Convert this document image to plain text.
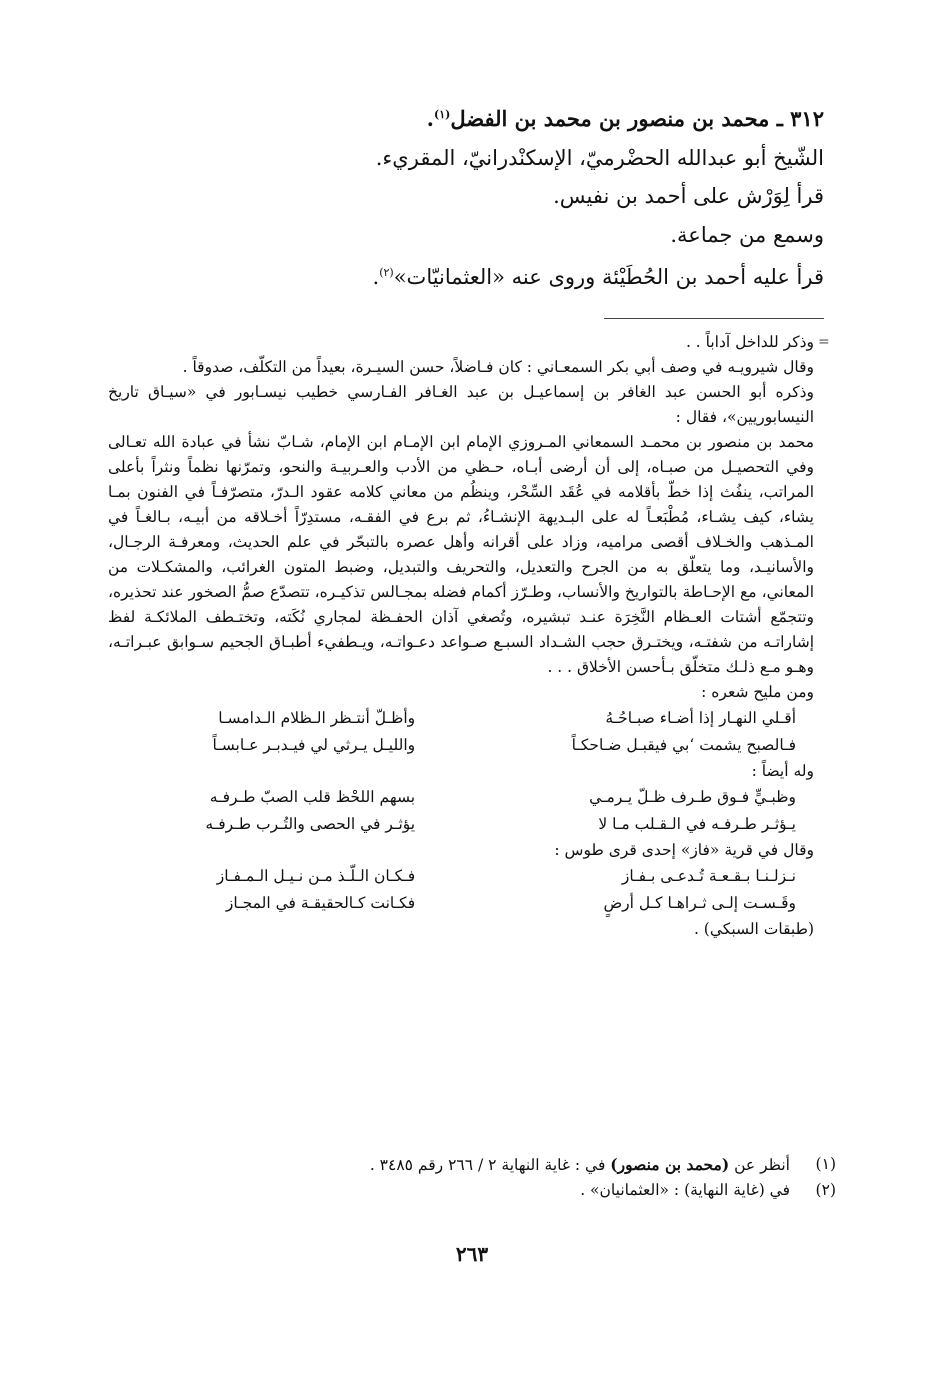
٣١٢ ـ محمد بن منصور بن محمد بن الفضل$^{(١)}$.
الشّيخ أبو عبدالله الحضْرميّ، الإسكنْدرانيّ، المقريء.
قرأ لِوَرْش على أحمد بن نفيس.
وسمع من جماعة.
قرأ عليه أحمد بن الحُطَيْئة وروى عنه «العثمانيّات»$^{(٢)}$.
=

وذكر للداخل آداباً . .

وقال شيرويـه في وصف أبي بكر السمعـاني : كان فـاضلاً، حسن السيـرة، بعيداً من التكلّف، صدوقاً .

وذكره أبو الحسن عبد الغافر بن إسماعيـل بن عبد الغـافر الفـارسي خطيب نيسـابور في «سيـاق تاريخ النيسابوريين»، فقال :

محمد بن منصور بن محمـد السمعاني المـروزي الإمام ابن الإمـام ابن الإمام، شـابّ نشأ في عبادة الله تعـالى وفي التحصيـل من صبـاه، إلى أن أرضى أبـاه، حـظي من الأدب والعـربيـة والنحو، وتمرّنها نظماً ونثراً بأعلى المراتب، ينفُث إذا خطّ بأقلامه في عُقَد السِّحْر، وينظُم من معاني كلامه عقود الـدرّ، متصرّفـاً في الفنون بمـا يشاء، كيف يشـاء، مُطْبَعـاً له على البـديهة الإنشـاءُ، ثم برع في الفقـه، مستدِرّاً أخـلاقه من أبيـه، بـالغـاً في المـذهب والخـلاف أقصى مراميه، وزاد على أقرانه وأهل عصره بالتبحّر في علم الحديث، ومعرفـة الرجـال، والأسانيـد، وما يتعلّق به من الجرح والتعديل، والتحريف والتبديل، وضبط المتون الغرائب، والمشكـلات من المعاني، مع الإحـاطة بالتواريخ والأنساب، وطـرّز أكمام فضله بمجـالس تذكيـره، تتصدّع صمُّ الصخور عند تحذيره، وتتجمّع أشتات العـظام النَّخِرَة عنـد تبشيره، وتُصغي آذان الحفـظة لمجاري نُكَته، وتختـطف الملائكـة لفظ إشاراتـه من شفتـه، ويختـرق حجب الشـداد السبـع صـواعد دعـواتـه، ويـطفيء أطبـاق الجحيم سـوابق عبـراتـه، وهـو مـع ذلـك متخلّق بـأحسن الأخلاق . . .

ومن مليح شعره :

أقـلي النهـار إذا أضـاء صبـاحُـهُ
وأظـلّ أنتـظر الـظلام الـدامسـا
فـالصبح يشمت ‘بي فيقبـل ضـاحكـاً
والليـل يـرثي لي فيـدبـر عـابسـاً

وله أيضاً :

وظبـيٍّ فـوق طـرف ظـلّ يـرمـي
بسهم اللحْظ قلب الصبّ طـرفـه
يـؤثـر طـرفـه في الـقـلب مـا لا
يؤثـر في الحصى والتُـرب طـرفـه

وقال في قرية «فاز» إحدى قرى طوس :

نـزلـنـا بـقـعـة تُـدعـى بـفـاز
فـكـان الـلّـذ مـن نـيـل الـمـفـاز
وقَـسـت إلـى ثـراهـا كـل أرضٍ
فكـانت كـالحقيقـة في المجـاز

(طبقات السبكي) .

(١)
أنظر عن (محمد بن منصور) في : غاية النهاية ٢ / ٢٦٦ رقم ٣٤٨٥ .
(٢)
في (غاية النهاية) : «العثمانيان» .
٢٦٣
